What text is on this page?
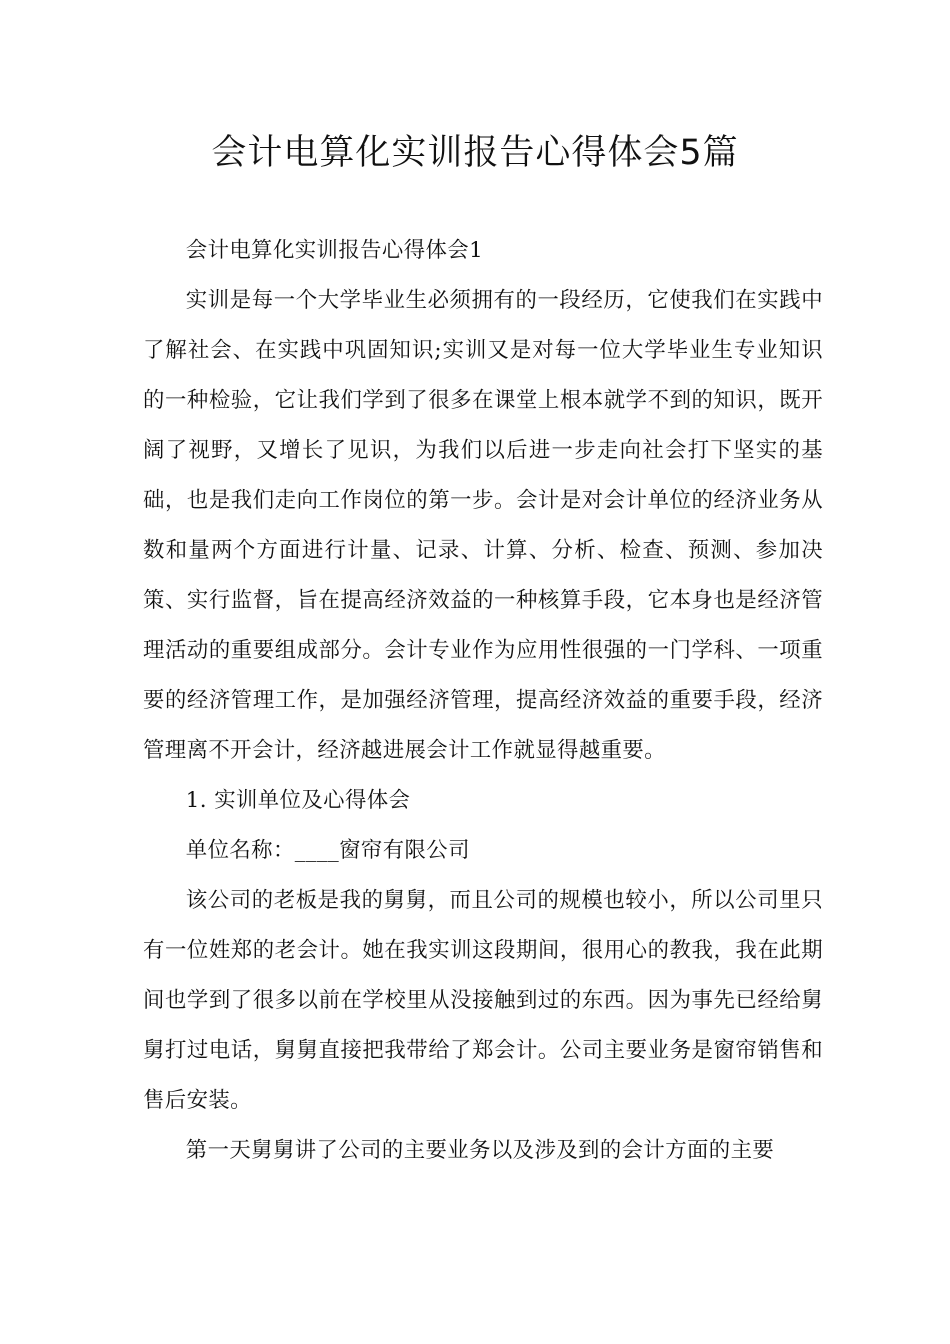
会计电算化实训报告心得体会5篇

会计电算化实训报告心得体会1

实训是每一个大学毕业生必须拥有的一段经历，它使我们在实践中了解社会、在实践中巩固知识;实训又是对每一位大学毕业生专业知识的一种检验，它让我们学到了很多在课堂上根本就学不到的知识，既开阔了视野，又增长了见识，为我们以后进一步走向社会打下坚实的基础，也是我们走向工作岗位的第一步。会计是对会计单位的经济业务从数和量两个方面进行计量、记录、计算、分析、检查、预测、参加决策、实行监督，旨在提高经济效益的一种核算手段，它本身也是经济管理活动的重要组成部分。会计专业作为应用性很强的一门学科、一项重要的经济管理工作，是加强经济管理，提高经济效益的重要手段，经济管理离不开会计，经济越进展会计工作就显得越重要。

1. 实训单位及心得体会

单位名称：____窗帘有限公司

该公司的老板是我的舅舅，而且公司的规模也较小，所以公司里只有一位姓郑的老会计。她在我实训这段期间，很用心的教我，我在此期间也学到了很多以前在学校里从没接触到过的东西。因为事先已经给舅舅打过电话，舅舅直接把我带给了郑会计。公司主要业务是窗帘销售和售后安装。

第一天舅舅讲了公司的主要业务以及涉及到的会计方面的主要
